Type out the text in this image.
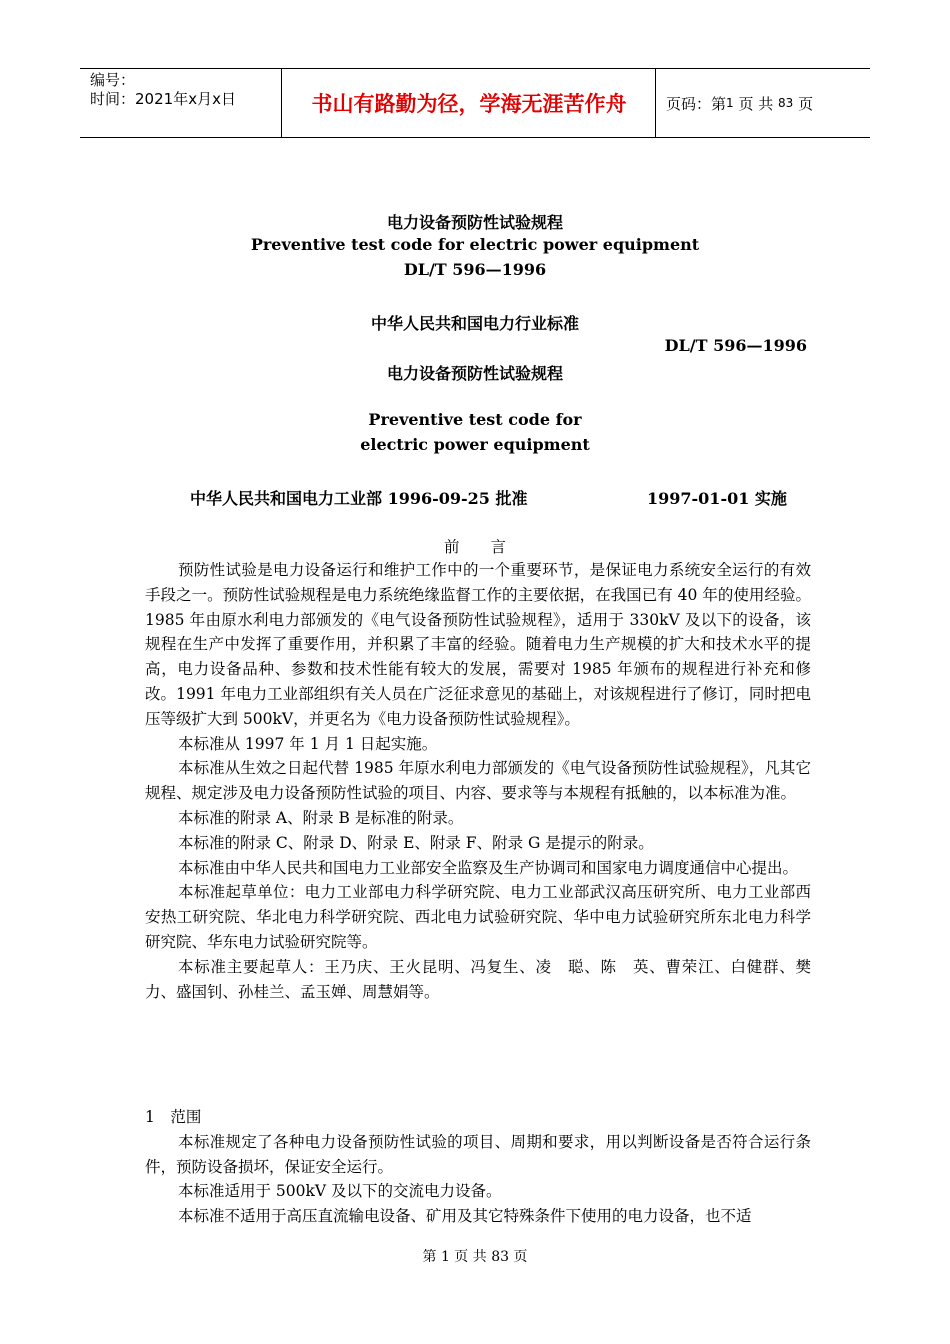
编号：
时间：2021年x月x日	书山有路勤为径，学海无涯苦作舟	页码：第 1
页 共
83
页
电力设备预防性试验规程
Preventive test code for electric power equipment
DL/T 596—1996
中华人民共和国电力行业标准
DL/T 596—1996
电力设备预防性试验规程
Preventive test code for
electric power equipment
中华人民共和国电力工业部 1996-09-25 批准	1997-01-01 实施
前　　言
预防性试验是电力设备运行和维护工作中的一个重要环节，是保证电力系统安全运行的有效手段之一。预防性试验规程是电力系统绝缘监督工作的主要依据，在我国已有 40 年的使用经验。1985 年由原水利电力部颁发的《电气设备预防性试验规程》，适用于 330kV 及以下的设备，该规程在生产中发挥了重要作用，并积累了丰富的经验。随着电力生产规模的扩大和技术水平的提高，电力设备品种、参数和技术性能有较大的发展，需要对 1985 年颁布的规程进行补充和修改。1991 年电力工业部组织有关人员在广泛征求意见的基础上，对该规程进行了修订，同时把电压等级扩大到 500kV，并更名为《电力设备预防性试验规程》。
本标准从 1997 年 1 月 1 日起实施。
本标准从生效之日起代替 1985 年原水利电力部颁发的《电气设备预防性试验规程》，凡其它规程、规定涉及电力设备预防性试验的项目、内容、要求等与本规程有抵触的，以本标准为准。
本标准的附录 A、附录 B 是标准的附录。
本标准的附录 C、附录 D、附录 E、附录 F、附录 G 是提示的附录。
本标准由中华人民共和国电力工业部安全监察及生产协调司和国家电力调度通信中心提出。
本标准起草单位：电力工业部电力科学研究院、电力工业部武汉高压研究所、电力工业部西安热工研究院、华北电力科学研究院、西北电力试验研究院、华中电力试验研究所东北电力科学研究院、华东电力试验研究院等。
本标准主要起草人：王乃庆、王火昆明、冯复生、凌　聪、陈　英、曹荣江、白健群、樊　力、盛国钊、孙桂兰、孟玉婵、周慧娟等。
1　范围
本标准规定了各种电力设备预防性试验的项目、周期和要求，用以判断设备是否符合运行条件，预防设备损坏，保证安全运行。
本标准适用于 500kV 及以下的交流电力设备。
本标准不适用于高压直流输电设备、矿用及其它特殊条件下使用的电力设备，也不适
第 1 页 共 83 页
